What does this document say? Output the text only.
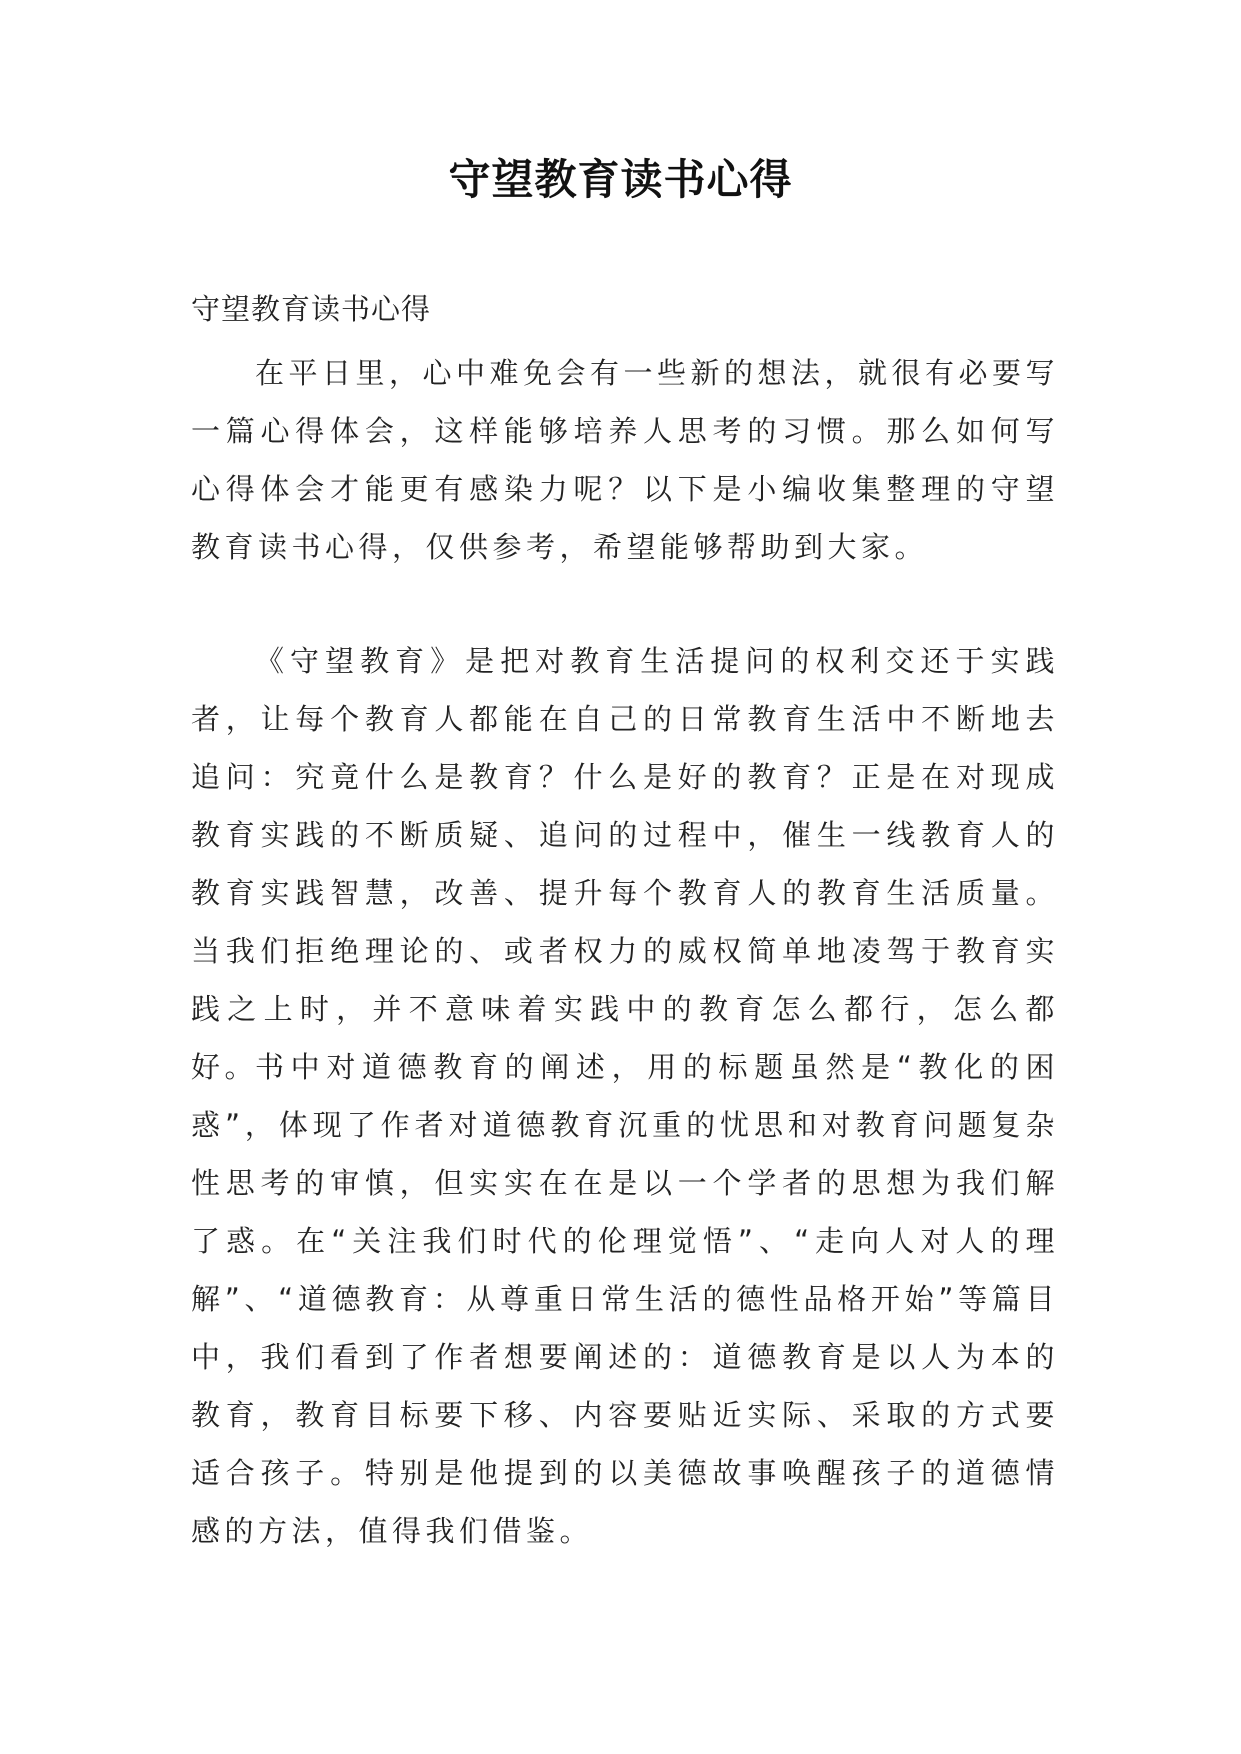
守望教育读书心得
守望教育读书心得

在平日里，心中难免会有一些新的想法，就很有必要写一篇心得体会，这样能够培养人思考的习惯。那么如何写心得体会才能更有感染力呢？以下是小编收集整理的守望教育读书心得，仅供参考，希望能够帮助到大家。

《守望教育》是把对教育生活提问的权利交还于实践者，让每个教育人都能在自己的日常教育生活中不断地去追问：究竟什么是教育？什么是好的教育？正是在对现成教育实践的不断质疑、追问的过程中，催生一线教育人的教育实践智慧，改善、提升每个教育人的教育生活质量。当我们拒绝理论的、或者权力的威权简单地凌驾于教育实践之上时，并不意味着实践中的教育怎么都行，怎么都好。

书中对道德教育的阐述，用的标题虽然是“教化的困惑”，体现了作者对道德教育沉重的忧思和对教育问题复杂性思考的审慎，但实实在在是以一个学者的思想为我们解了惑。在“关注我们时代的伦理觉悟”、“走向人对人的理解”、“道德教育：从尊重日常生活的德性品格开始”等篇目中，我们看到了作者想要阐述的：道德教育是以人为本的教育，教育目标要下移、内容要贴近实际、采取的方式要适合孩子。特别是他提到的以美德故事唤醒孩子的道德情感的方法，值得我们借鉴。
